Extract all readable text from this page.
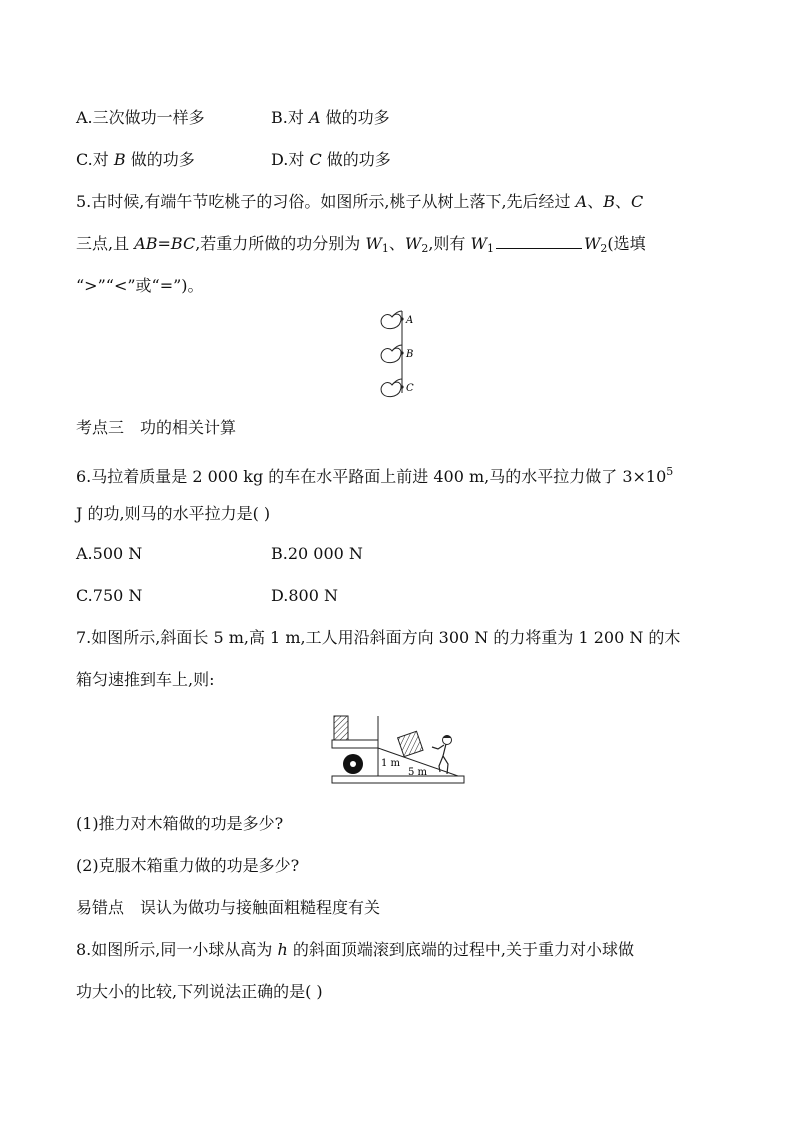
A.三次做功一样多	B.对 A 做的功多
C.对 B 做的功多	D.对 C 做的功多
5.古时候,有端午节吃桃子的习俗。如图所示,桃子从树上落下,先后经过 A、B、C
三点,且 AB=BC,若重力所做的功分别为 $W_1$、$W_2$,则有 $W_1$	$W_2$(选填
“>”“<”或“=”)。
A
B
C
考点三 功的相关计算
6.马拉着质量是 2 000 kg 的车在水平路面上前进 400 m,马的水平拉力做了 $3\times 10^5$
J 的功,则马的水平拉力是( )
A.500 N	B.20 000 N
C.750 N	D.800 N
7.如图所示,斜面长 5 m,高 1 m,工人用沿斜面方向 300 N 的力将重为 1 200 N 的木
箱匀速推到车上,则:
1 m
5 m
(1)推力对木箱做的功是多少?
(2)克服木箱重力做的功是多少?
易错点 误认为做功与接触面粗糙程度有关
8.如图所示,同一小球从高为 h 的斜面顶端滚到底端的过程中,关于重力对小球做
功大小的比较,下列说法正确的是( )
